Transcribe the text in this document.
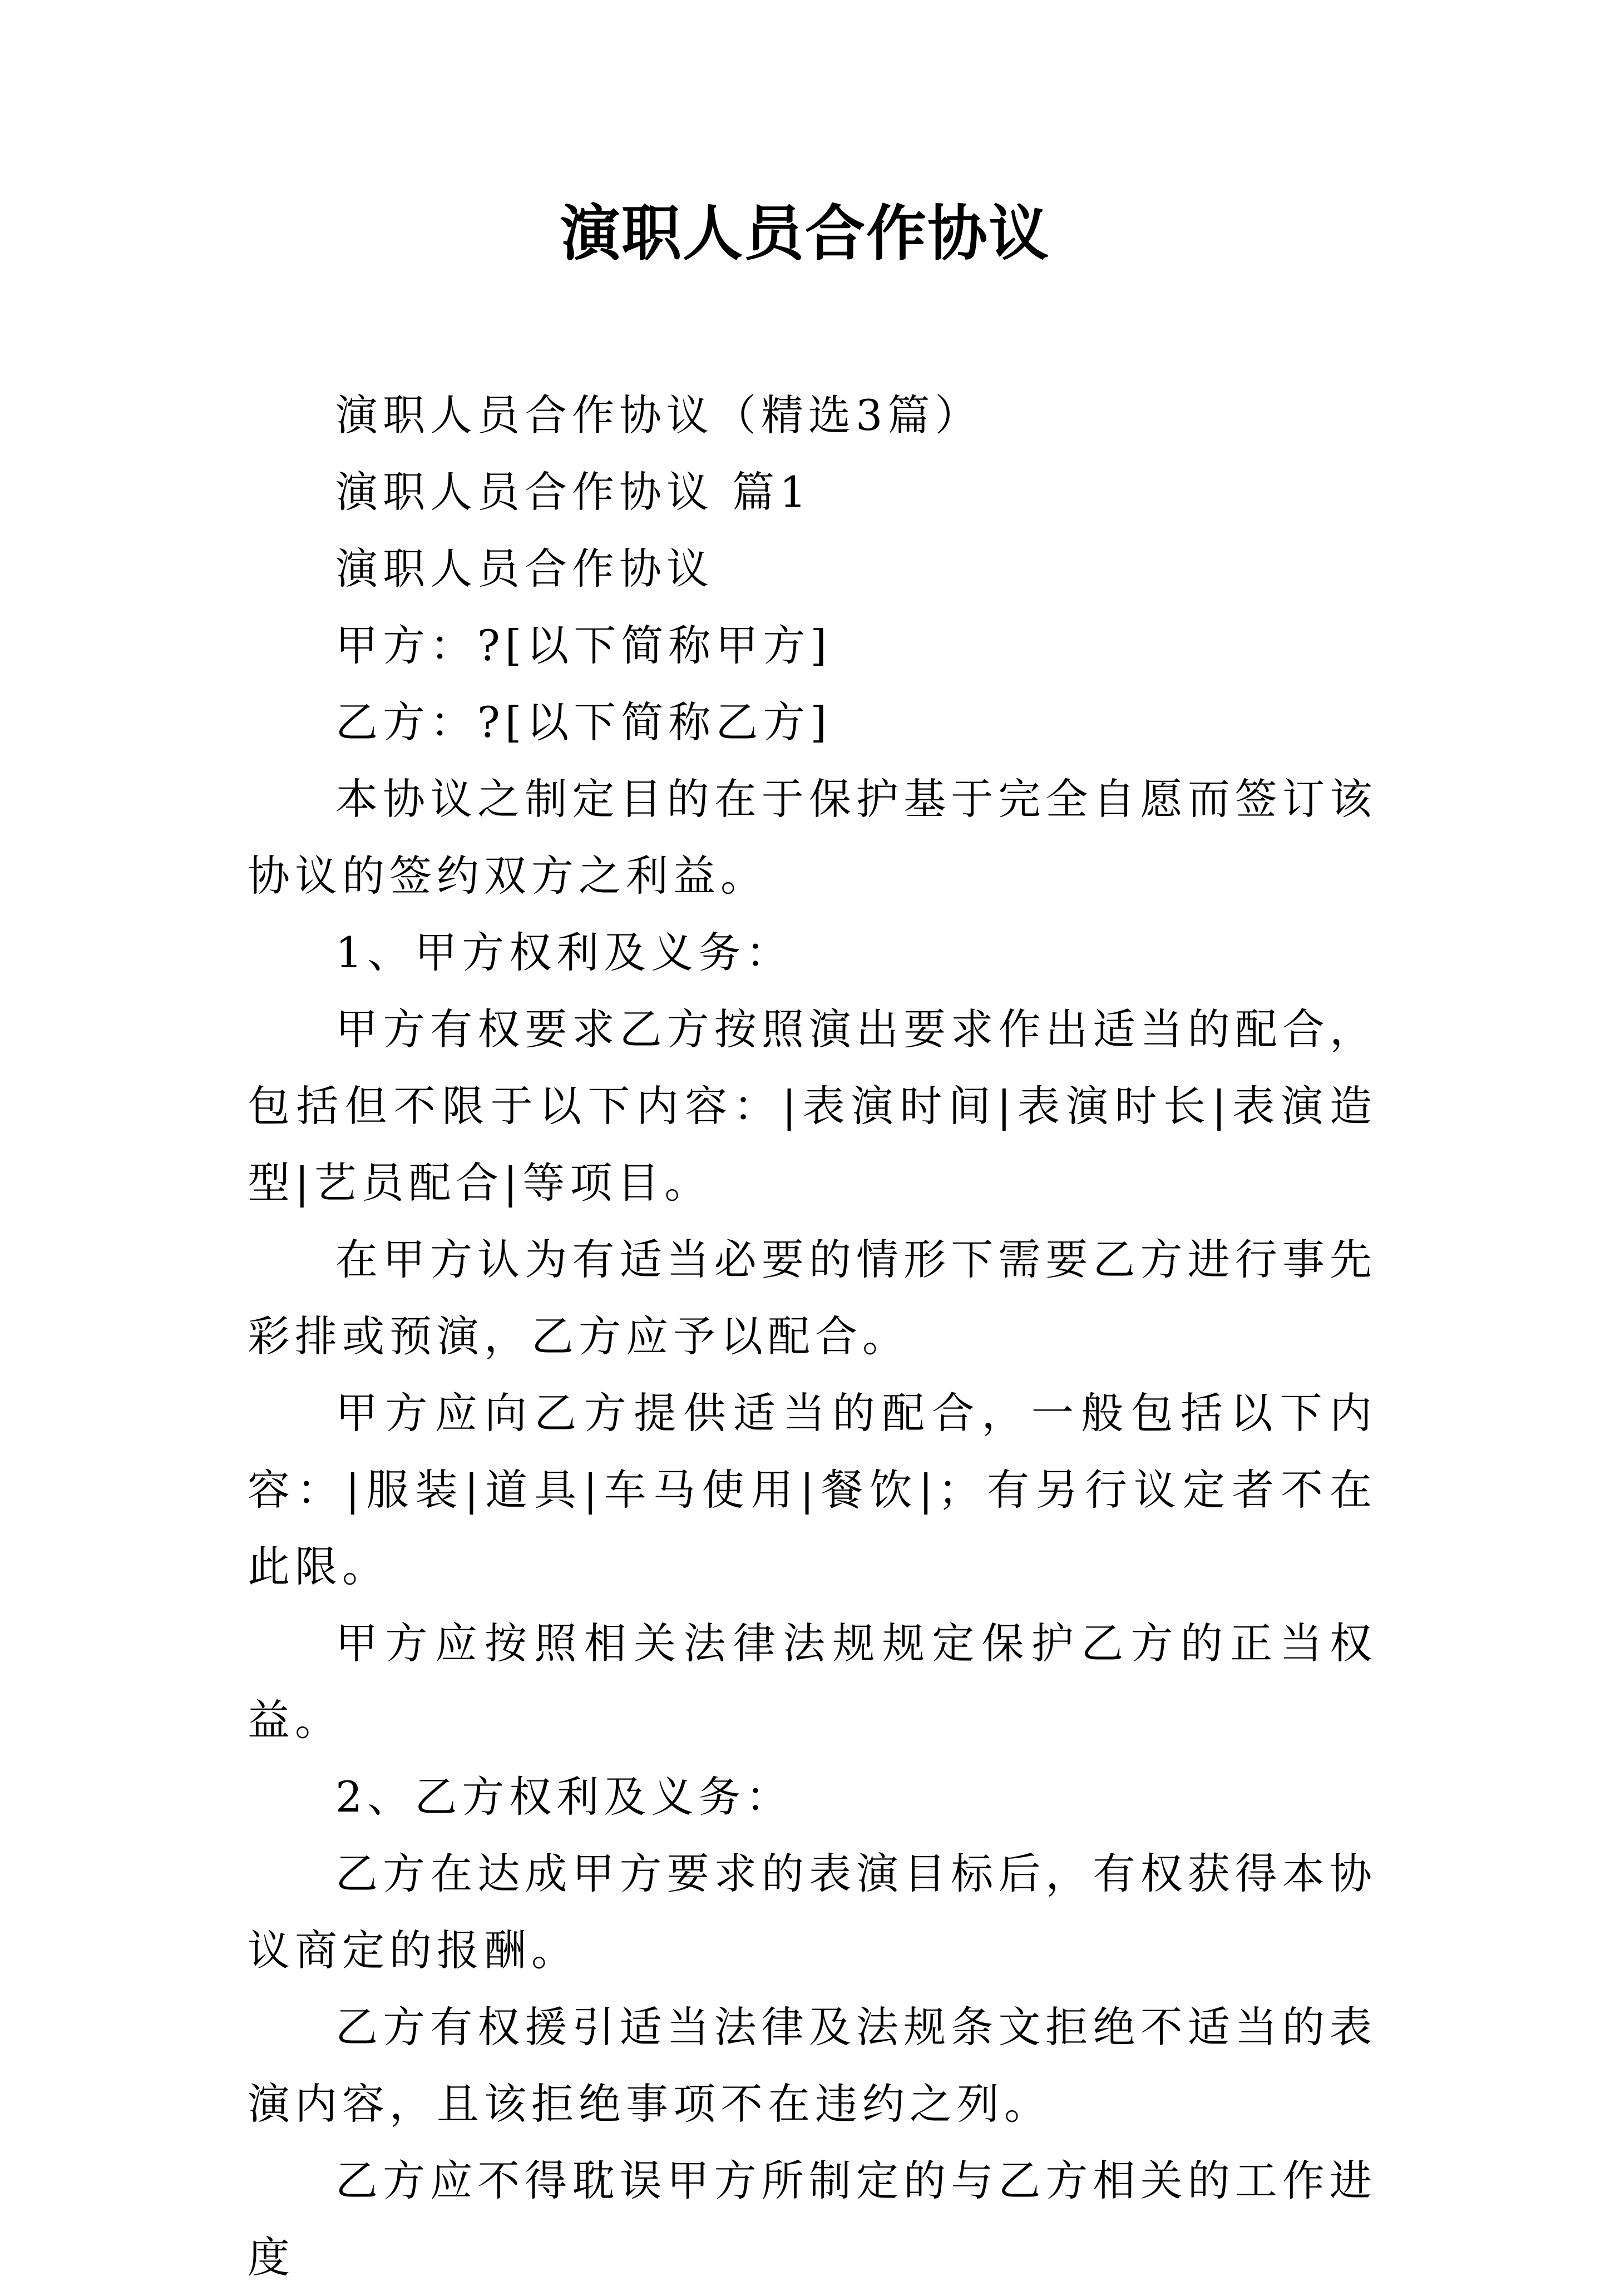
演职人员合作协议

演职人员合作协议（精选3篇）

演职人员合作协议 篇1

演职人员合作协议

甲方：?[以下简称甲方]

乙方：?[以下简称乙方]

本协议之制定目的在于保护基于完全自愿而签订该协议的签约双方之利益。

1、甲方权利及义务：

甲方有权要求乙方按照演出要求作出适当的配合，包括但不限于以下内容：|表演时间|表演时长|表演造型|艺员配合|等项目。

在甲方认为有适当必要的情形下需要乙方进行事先彩排或预演，乙方应予以配合。

甲方应向乙方提供适当的配合，一般包括以下内容：|服装|道具|车马使用|餐饮|；有另行议定者不在此限。

甲方应按照相关法律法规规定保护乙方的正当权益。

2、乙方权利及义务：

乙方在达成甲方要求的表演目标后，有权获得本协议商定的报酬。

乙方有权援引适当法律及法规条文拒绝不适当的表演内容，且该拒绝事项不在违约之列。

乙方应不得耽误甲方所制定的与乙方相关的工作进度
